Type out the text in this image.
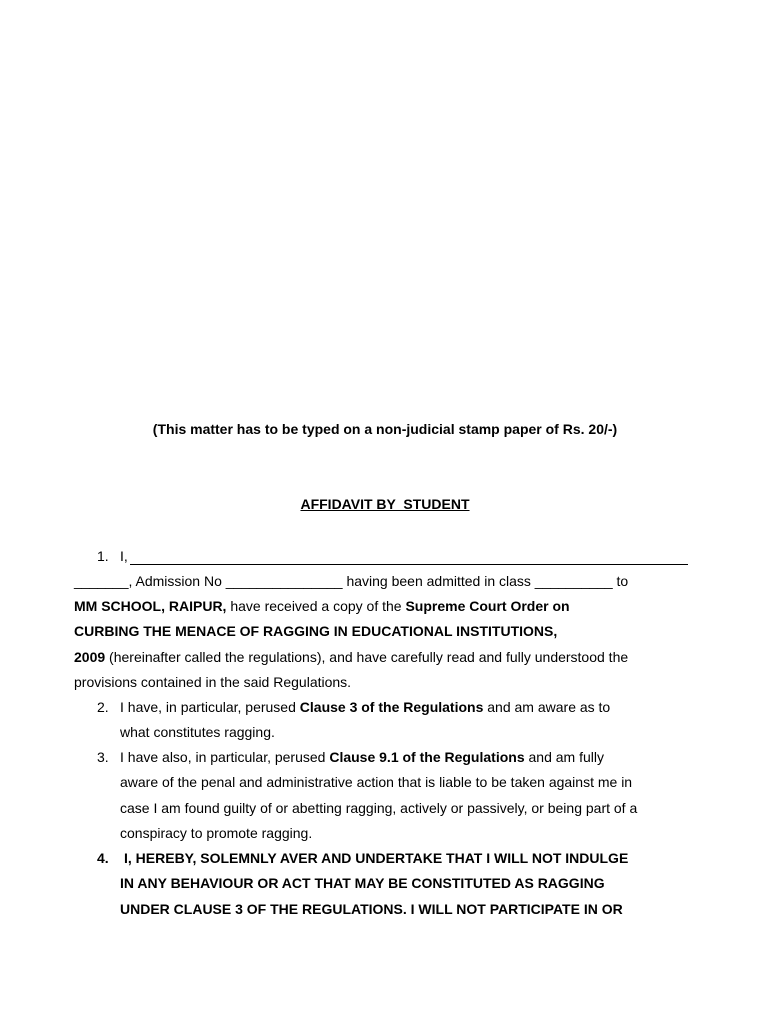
(This matter has to be typed on a non-judicial stamp paper of Rs. 20/-)
AFFIDAVIT BY  STUDENT
1. I,
_______, Admission No _______________ having been admitted in class __________ to
MM SCHOOL, RAIPUR, have received a copy of the Supreme Court Order on
CURBING THE MENACE OF RAGGING IN EDUCATIONAL INSTITUTIONS,
2009 (hereinafter called the regulations), and have carefully read and fully understood the
provisions contained in the said Regulations.
2. I have, in particular, perused Clause 3 of the Regulations and am aware as to
what constitutes ragging.
3. I have also, in particular, perused Clause 9.1 of the Regulations and am fully
aware of the penal and administrative action that is liable to be taken against me in
case I am found guilty of or abetting ragging, actively or passively, or being part of a
conspiracy to promote ragging.
4. I, HEREBY, SOLEMNLY AVER AND UNDERTAKE THAT I WILL NOT INDULGE
IN ANY BEHAVIOUR OR ACT THAT MAY BE CONSTITUTED AS RAGGING
UNDER CLAUSE 3 OF THE REGULATIONS. I WILL NOT PARTICIPATE IN OR
